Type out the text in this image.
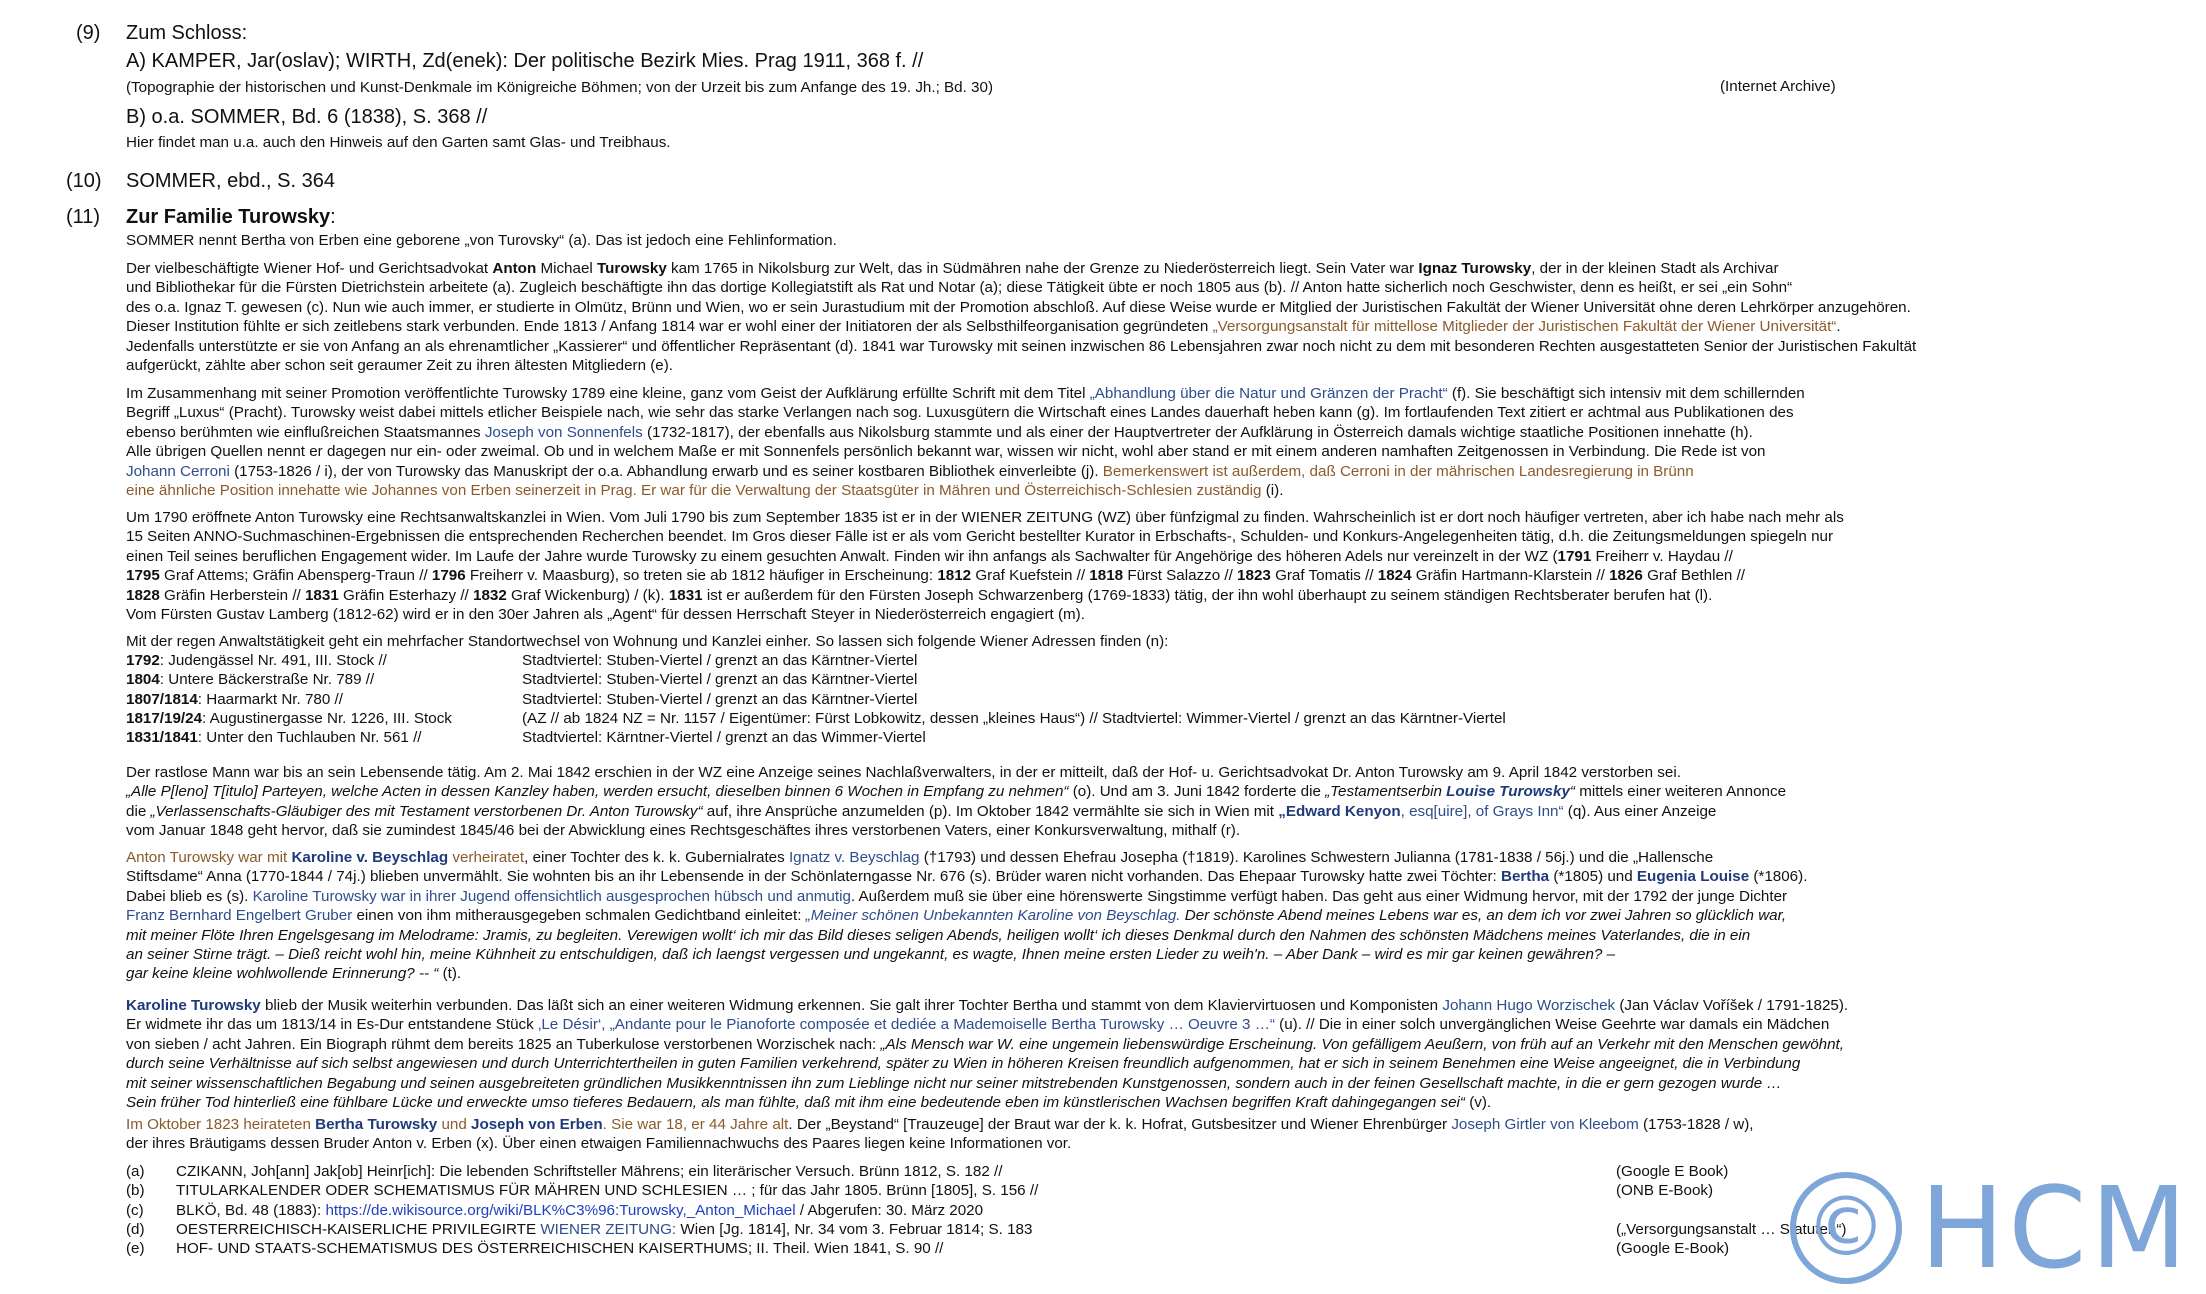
(9) Zum Schloss:
A) KAMPER, Jar(oslav); WIRTH, Zd(enek): Der politische Bezirk Mies. Prag 1911, 368 f. //
(Topographie der historischen und Kunst-Denkmale im Königreiche Böhmen; von der Urzeit bis zum Anfange des 19. Jh.; Bd. 30)	(Internet Archive)
B) o.a. SOMMER, Bd. 6 (1838), S. 368 //
Hier findet man u.a. auch den Hinweis auf den Garten samt Glas- und Treibhaus.
(10) SOMMER, ebd., S. 364
(11) Zur Familie Turowsky:
SOMMER nennt Bertha von Erben eine geborene „von Turovsky“ (a). Das ist jedoch eine Fehlinformation.
Der vielbeschäftigte Wiener Hof- und Gerichtsadvokat Anton Michael Turowsky kam 1765 in Nikolsburg zur Welt, das in Südmähren nahe der Grenze zu Niederösterreich liegt. Sein Vater war Ignaz Turowsky, der in der kleinen Stadt als Archivar
und Bibliothekar für die Fürsten Dietrichstein arbeitete (a). Zugleich beschäftigte ihn das dortige Kollegiatstift als Rat und Notar (a); diese Tätigkeit übte er noch 1805 aus (b). // Anton hatte sicherlich noch Geschwister, denn es heißt, er sei „ein Sohn“
des o.a. Ignaz T. gewesen (c). Nun wie auch immer, er studierte in Olmütz, Brünn und Wien, wo er sein Jurastudium mit der Promotion abschloß. Auf diese Weise wurde er Mitglied der Juristischen Fakultät der Wiener Universität ohne deren Lehrkörper anzugehören.
Dieser Institution fühlte er sich zeitlebens stark verbunden. Ende 1813 / Anfang 1814 war er wohl einer der Initiatoren der als Selbsthilfeorganisation gegründeten „Versorgungsanstalt für mittellose Mitglieder der Juristischen Fakultät der Wiener Universität“.
Jedenfalls unterstützte er sie von Anfang an als ehrenamtlicher „Kassierer“ und öffentlicher Repräsentant (d). 1841 war Turowsky mit seinen inzwischen 86 Lebensjahren zwar noch nicht zu dem mit besonderen Rechten ausgestatteten Senior der Juristischen Fakultät
aufgerückt, zählte aber schon seit geraumer Zeit zu ihren ältesten Mitgliedern (e).
Im Zusammenhang mit seiner Promotion veröffentlichte Turowsky 1789 eine kleine, ganz vom Geist der Aufklärung erfüllte Schrift mit dem Titel „Abhandlung über die Natur und Gränzen der Pracht“ (f). Sie beschäftigt sich intensiv mit dem schillernden
Begriff „Luxus“ (Pracht). Turowsky weist dabei mittels etlicher Beispiele nach, wie sehr das starke Verlangen nach sog. Luxusgütern die Wirtschaft eines Landes dauerhaft heben kann (g). Im fortlaufenden Text zitiert er achtmal aus Publikationen des
ebenso berühmten wie einflußreichen Staatsmannes Joseph von Sonnenfels (1732-1817), der ebenfalls aus Nikolsburg stammte und als einer der Hauptvertreter der Aufklärung in Österreich damals wichtige staatliche Positionen innehatte (h).
Alle übrigen Quellen nennt er dagegen nur ein- oder zweimal. Ob und in welchem Maße er mit Sonnenfels persönlich bekannt war, wissen wir nicht, wohl aber stand er mit einem anderen namhaften Zeitgenossen in Verbindung. Die Rede ist von
Johann Cerroni (1753-1826 / i), der von Turowsky das Manuskript der o.a. Abhandlung erwarb und es seiner kostbaren Bibliothek einverleibte (j). Bemerkenswert ist außerdem, daß Cerroni in der mährischen Landesregierung in Brünn
eine ähnliche Position innehatte wie Johannes von Erben seinerzeit in Prag. Er war für die Verwaltung der Staatsgüter in Mähren und Österreichisch-Schlesien zuständig (i).
Um 1790 eröffnete Anton Turowsky eine Rechtsanwaltskanzlei in Wien. Vom Juli 1790 bis zum September 1835 ist er in der WIENER ZEITUNG (WZ) über fünfzigmal zu finden. Wahrscheinlich ist er dort noch häufiger vertreten, aber ich habe nach mehr als
15 Seiten ANNO-Suchmaschinen-Ergebnissen die entsprechenden Recherchen beendet. Im Gros dieser Fälle ist er als vom Gericht bestellter Kurator in Erbschafts-, Schulden- und Konkurs-Angelegenheiten tätig, d.h. die Zeitungsmeldungen spiegeln nur
einen Teil seines beruflichen Engagement wider. Im Laufe der Jahre wurde Turowsky zu einem gesuchten Anwalt. Finden wir ihn anfangs als Sachwalter für Angehörige des höheren Adels nur vereinzelt in der WZ (1791 Freiherr v. Haydau //
1795 Graf Attems; Gräfin Abensperg-Traun // 1796 Freiherr v. Maasburg), so treten sie ab 1812 häufiger in Erscheinung: 1812 Graf Kuefstein // 1818 Fürst Salazzo // 1823 Graf Tomatis // 1824 Gräfin Hartmann-Klarstein // 1826 Graf Bethlen //
1828 Gräfin Herberstein // 1831 Gräfin Esterhazy // 1832 Graf Wickenburg) / (k). 1831 ist er außerdem für den Fürsten Joseph Schwarzenberg (1769-1833) tätig, der ihn wohl überhaupt zu seinem ständigen Rechtsberater berufen hat (l).
Vom Fürsten Gustav Lamberg (1812-62) wird er in den 30er Jahren als „Agent“ für dessen Herrschaft Steyer in Niederösterreich engagiert (m).
Mit der regen Anwaltstätigkeit geht ein mehrfacher Standortwechsel von Wohnung und Kanzlei einher. So lassen sich folgende Wiener Adressen finden (n):
1792: Judengässel Nr. 491, III. Stock //	Stadtviertel: Stuben-Viertel / grenzt an das Kärntner-Viertel
1804: Untere Bäckerstraße Nr. 789 //	Stadtviertel: Stuben-Viertel / grenzt an das Kärntner-Viertel
1807/1814: Haarmarkt Nr. 780 //	Stadtviertel: Stuben-Viertel / grenzt an das Kärntner-Viertel
1817/19/24: Augustinergasse Nr. 1226, III. Stock	(AZ // ab 1824 NZ = Nr. 1157 / Eigentümer: Fürst Lobkowitz, dessen „kleines Haus“) // Stadtviertel: Wimmer-Viertel / grenzt an das Kärntner-Viertel
1831/1841: Unter den Tuchlauben Nr. 561 //	Stadtviertel: Kärntner-Viertel / grenzt an das Wimmer-Viertel
Der rastlose Mann war bis an sein Lebensende tätig. Am 2. Mai 1842 erschien in der WZ eine Anzeige seines Nachlaßverwalters, in der er mitteilt, daß der Hof- u. Gerichtsadvokat Dr. Anton Turowsky am 9. April 1842 verstorben sei.
„Alle P[leno] T[itulo] Parteyen, welche Acten in dessen Kanzley haben, werden ersucht, dieselben binnen 6 Wochen in Empfang zu nehmen“ (o). Und am 3. Juni 1842 forderte die „Testamentserbin Louise Turowsky“ mittels einer weiteren Annonce
die „Verlassenschafts-Gläubiger des mit Testament verstorbenen Dr. Anton Turowsky“ auf, ihre Ansprüche anzumelden (p). Im Oktober 1842 vermählte sie sich in Wien mit „Edward Kenyon, esq[uire], of Grays Inn“ (q). Aus einer Anzeige
vom Januar 1848 geht hervor, daß sie zumindest 1845/46 bei der Abwicklung eines Rechtsgeschäftes ihres verstorbenen Vaters, einer Konkursverwaltung, mithalf (r).
Anton Turowsky war mit Karoline v. Beyschlag verheiratet, einer Tochter des k. k. Gubernialrates Ignatz v. Beyschlag (†1793) und dessen Ehefrau Josepha (†1819). Karolines Schwestern Julianna (1781-1838 / 56j.) und die „Hallensche
Stiftsdame“ Anna (1770-1844 / 74j.) blieben unvermählt. Sie wohnten bis an ihr Lebensende in der Schönlaterngasse Nr. 676 (s). Brüder waren nicht vorhanden. Das Ehepaar Turowsky hatte zwei Töchter: Bertha (*1805) und Eugenia Louise (*1806).
Dabei blieb es (s). Karoline Turowsky war in ihrer Jugend offensichtlich ausgesprochen hübsch und anmutig. Außerdem muß sie über eine hörenswerte Singstimme verfügt haben. Das geht aus einer Widmung hervor, mit der 1792 der junge Dichter
Franz Bernhard Engelbert Gruber einen von ihm mitherausgegeben schmalen Gedichtband einleitet: „Meiner schönen Unbekannten Karoline von Beyschlag. Der schönste Abend meines Lebens war es, an dem ich vor zwei Jahren so glücklich war,
mit meiner Flöte Ihren Engelsgesang im Melodrame: Jramis, zu begleiten. Verewigen wollt‘ ich mir das Bild dieses seligen Abends, heiligen wollt‘ ich dieses Denkmal durch den Nahmen des schönsten Mädchens meines Vaterlandes, die in ein
an seiner Stirne trägt. – Dieß reicht wohl hin, meine Kühnheit zu entschuldigen, daß ich laengst vergessen und ungekannt, es wagte, Ihnen meine ersten Lieder zu weih'n. – Aber Dank – wird es mir gar keinen gewähren? –
gar keine kleine wohlwollende Erinnerung? -- “ (t).
Karoline Turowsky blieb der Musik weiterhin verbunden. Das läßt sich an einer weiteren Widmung erkennen. Sie galt ihrer Tochter Bertha und stammt von dem Klaviervirtuosen und Komponisten Johann Hugo Worzischek (Jan Václav Voříšek / 1791-1825).
Er widmete ihr das um 1813/14 in Es-Dur entstandene Stück ‚Le Désir‘, „Andante pour le Pianoforte composée et dediée a Mademoiselle Bertha Turowsky … Oeuvre 3 …“ (u). // Die in einer solch unvergänglichen Weise Geehrte war damals ein Mädchen
von sieben / acht Jahren. Ein Biograph rühmt dem bereits 1825 an Tuberkulose verstorbenen Worzischek nach: „Als Mensch war W. eine ungemein liebenswürdige Erscheinung. Von gefälligem Aeußern, von früh auf an Verkehr mit den Menschen gewöhnt,
durch seine Verhältnisse auf sich selbst angewiesen und durch Unterrichtertheilen in guten Familien verkehrend, später zu Wien in höheren Kreisen freundlich aufgenommen, hat er sich in seinem Benehmen eine Weise angeeignet, die in Verbindung
mit seiner wissenschaftlichen Begabung und seinen ausgebreiteten gründlichen Musikkenntnissen ihn zum Lieblinge nicht nur seiner mitstrebenden Kunstgenossen, sondern auch in der feinen Gesellschaft machte, in die er gern gezogen wurde …
Sein früher Tod hinterließ eine fühlbare Lücke und erweckte umso tieferes Bedauern, als man fühlte, daß mit ihm eine bedeutende eben im künstlerischen Wachsen begriffen Kraft dahingegangen sei“ (v).
Im Oktober 1823 heirateten Bertha Turowsky und Joseph von Erben. Sie war 18, er 44 Jahre alt. Der „Beystand“ [Trauzeuge] der Braut war der k. k. Hofrat, Gutsbesitzer und Wiener Ehrenbürger Joseph Girtler von Kleebom (1753-1828 / w),
der ihres Bräutigams dessen Bruder Anton v. Erben (x). Über einen etwaigen Familiennachwuchs des Paares liegen keine Informationen vor.
(a) CZIKANN, Joh[ann] Jak[ob] Heinr[ich]: Die lebenden Schriftsteller Mährens; ein literärischer Versuch. Brünn 1812, S. 182 //	(Google E Book)
(b) TITULARKALENDER ODER SCHEMATISMUS FÜR MÄHREN UND SCHLESIEN … ; für das Jahr 1805. Brünn [1805], S. 156 //	(ONB E-Book)
(c) BLKÖ, Bd. 48 (1883): https://de.wikisource.org/wiki/BLK%C3%96:Turowsky,_Anton_Michael / Abgerufen: 30. März 2020
(d) OESTERREICHISCH-KAISERLICHE PRIVILEGIRTE WIENER ZEITUNG: Wien [Jg. 1814], Nr. 34 vom 3. Februar 1814; S. 183	(„Versorgungsanstalt … Statuten“)
(e) HOF- UND STAATS-SCHEMATISMUS DES ÖSTERREICHISCHEN KAISERTHUMS; II. Theil. Wien 1841, S. 90 //	(Google E-Book) © HCM
